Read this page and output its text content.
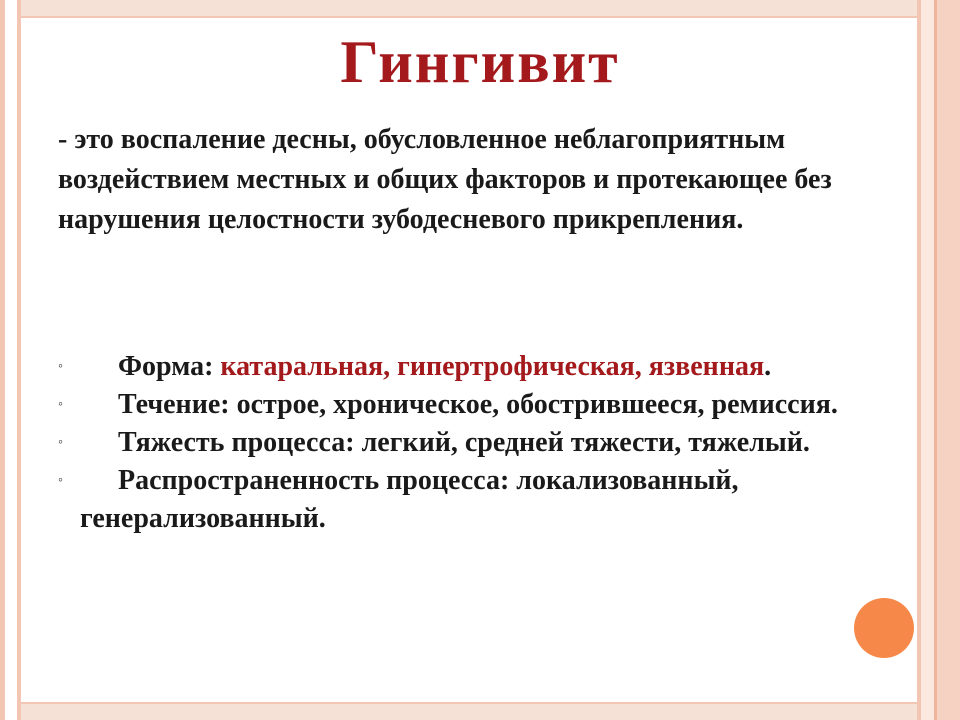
Гингивит

- это воспаление десны, обусловленное неблагоприятным воздействием местных и общих факторов и протекающее без нарушения целостности зубодесневого прикрепления.

◦ Форма: катаральная, гипертрофическая, язвенная.
◦ Течение: острое, хроническое, обострившееся, ремиссия.
◦ Тяжесть процесса: легкий, средней тяжести, тяжелый.
◦ Распространенность процесса: локализованный, генерализованный.
